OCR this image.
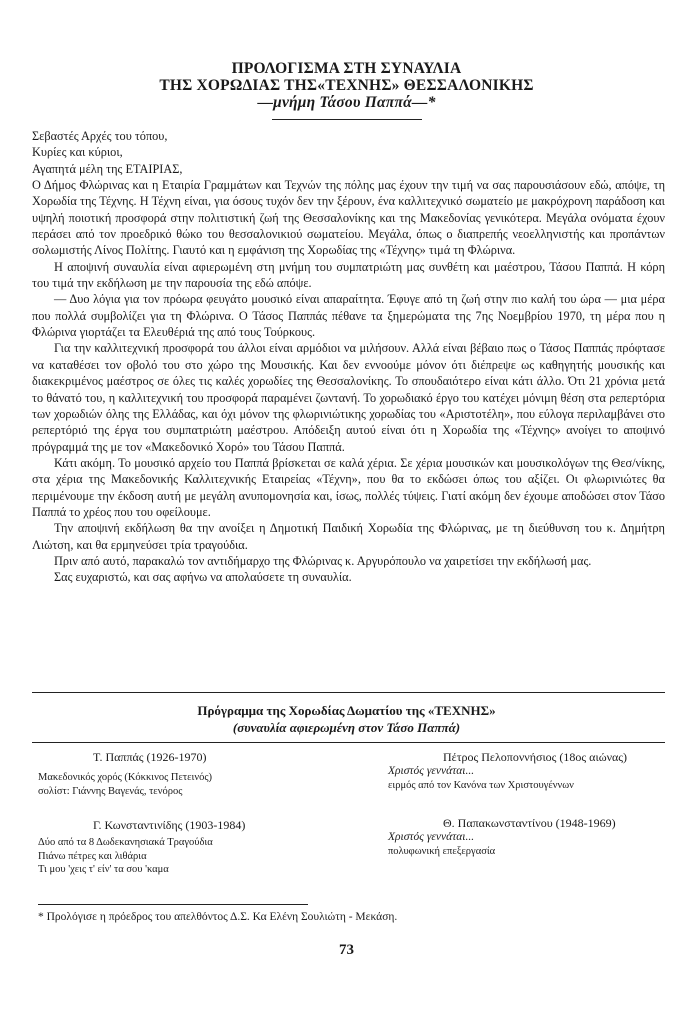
ΠΡΟΛΟΓΙΣΜΑ ΣΤΗ ΣΥΝΑΥΛΙΑ
ΤΗΣ ΧΟΡΩΔΙΑΣ ΤΗΣ«ΤΕΧΝΗΣ» ΘΕΣΣΑΛΟΝΙΚΗΣ
—μνήμη Τάσου Παππά—*

Σεβαστές Αρχές του τόπου,

Κυρίες και κύριοι,

Αγαπητά μέλη της ΕΤΑΙΡΙΑΣ,

Ο Δήμος Φλώρινας και η Εταιρία Γραμμάτων και Τεχνών της πόλης μας έχουν την τιμή να σας παρουσιάσουν εδώ, απόψε, τη Χορωδία της Τέχνης. Η Τέχνη είναι, για όσους τυχόν δεν την ξέρουν, ένα καλλιτεχνικό σωματείο με μακρόχρονη παράδοση και υψηλή ποιοτική προσφορά στην πολιτιστική ζωή της Θεσσαλονίκης και της Μακεδονίας γενικότερα. Μεγάλα ονόματα έχουν περάσει από τον προεδρικό θώκο του θεσσαλονικιού σωματείου. Μεγάλα, όπως ο διαπρεπής νεοελληνιστής και προπάντων σολωμιστής Λίνος Πολίτης. Γιαυτό και η εμφάνιση της Χορωδίας της «Τέχνης» τιμά τη Φλώρινα.

Η αποψινή συναυλία είναι αφιερωμένη στη μνήμη του συμπατριώτη μας συνθέτη και μαέστρου, Τάσου Παππά. Η κόρη του τιμά την εκδήλωση με την παρουσία της εδώ απόψε.

— Δυο λόγια για τον πρόωρα φευγάτο μουσικό είναι απαραίτητα. Έφυγε από τη ζωή στην πιο καλή του ώρα — μια μέρα που πολλά συμβολίζει για τη Φλώρινα. Ο Τάσος Παππάς πέθανε τα ξημερώματα της 7ης Νοεμβρίου 1970, τη μέρα που η Φλώρινα γιορτάζει τα Ελευθέριά της από τους Τούρκους.

Για την καλλιτεχνική προσφορά του άλλοι είναι αρμόδιοι να μιλήσουν. Αλλά είναι βέβαιο πως ο Τάσος Παππάς πρόφτασε να καταθέσει τον οβολό του στο χώρο της Μουσικής. Και δεν εννοούμε μόνον ότι διέπρεψε ως καθηγητής μουσικής και διακεκριμένος μαέστρος σε όλες τις καλές χορωδίες της Θεσσαλονίκης. Το σπουδαιότερο είναι κάτι άλλο. Ότι 21 χρόνια μετά το θάνατό του, η καλλιτεχνική του προσφορά παραμένει ζωντανή. Το χορωδιακό έργο του κατέχει μόνιμη θέση στα ρεπερτόρια των χορωδιών όλης της Ελλάδας, και όχι μόνον της φλωρινιώτικης χορωδίας του «Αριστοτέλη», που εύλογα περιλαμβάνει στο ρεπερτόριό της έργα του συμπατριώτη μαέστρου. Απόδειξη αυτού είναι ότι η Χορωδία της «Τέχνης» ανοίγει το αποψινό πρόγραμμά της με τον «Μακεδονικό Χορό» του Τάσου Παππά.

Κάτι ακόμη. Το μουσικό αρχείο του Παππά βρίσκεται σε καλά χέρια. Σε χέρια μουσικών και μουσικολόγων της Θεσ/νίκης, στα χέρια της Μακεδονικής Καλλιτεχνικής Εταιρείας «Τέχνη», που θα το εκδώσει όπως του αξίζει. Οι φλωρινιώτες θα περιμένουμε την έκδοση αυτή με μεγάλη ανυπομονησία και, ίσως, πολλές τύψεις. Γιατί ακόμη δεν έχουμε αποδώσει στον Τάσο Παππά το χρέος που του οφείλουμε.

Την αποψινή εκδήλωση θα την ανοίξει η Δημοτική Παιδική Χορωδία της Φλώρινας, με τη διεύθυνση του κ. Δημήτρη Λιώτση, και θα ερμηνεύσει τρία τραγούδια.

Πριν από αυτό, παρακαλώ τον αντιδήμαρχο της Φλώρινας κ. Αργυρόπουλο να χαιρετίσει την εκδήλωσή μας.

Σας ευχαριστώ, και σας αφήνω να απολαύσετε τη συναυλία.

Πρόγραμμα της Χορωδίας Δωματίου της «ΤΕΧΝΗΣ»
(συναυλία αφιερωμένη στον Τάσο Παππά)
Τ. Παππάς (1926-1970)
Μακεδονικός χορός (Κόκκινος Πετεινός)
σολίστ: Γιάννης Βαγενάς, τενόρος
Γ. Κωνσταντινίδης (1903-1984)
Δύο από τα 8 Δωδεκανησιακά Τραγούδια
Πιάνω πέτρες και λιθάρια
Τι μου 'χεις τ' είν' τα σου 'καμα
Πέτρος Πελοποννήσιος (18ος αιώνας)
Χριστός γεννάται...
ειρμός από τον Κανόνα των Χριστουγέννων
Θ. Παπακωνσταντίνου (1948-1969)
Χριστός γεννάται...
πολυφωνική επεξεργασία
* Προλόγισε η πρόεδρος του απελθόντος Δ.Σ. Κα Ελένη Σουλιώτη - Μεκάση.
73
